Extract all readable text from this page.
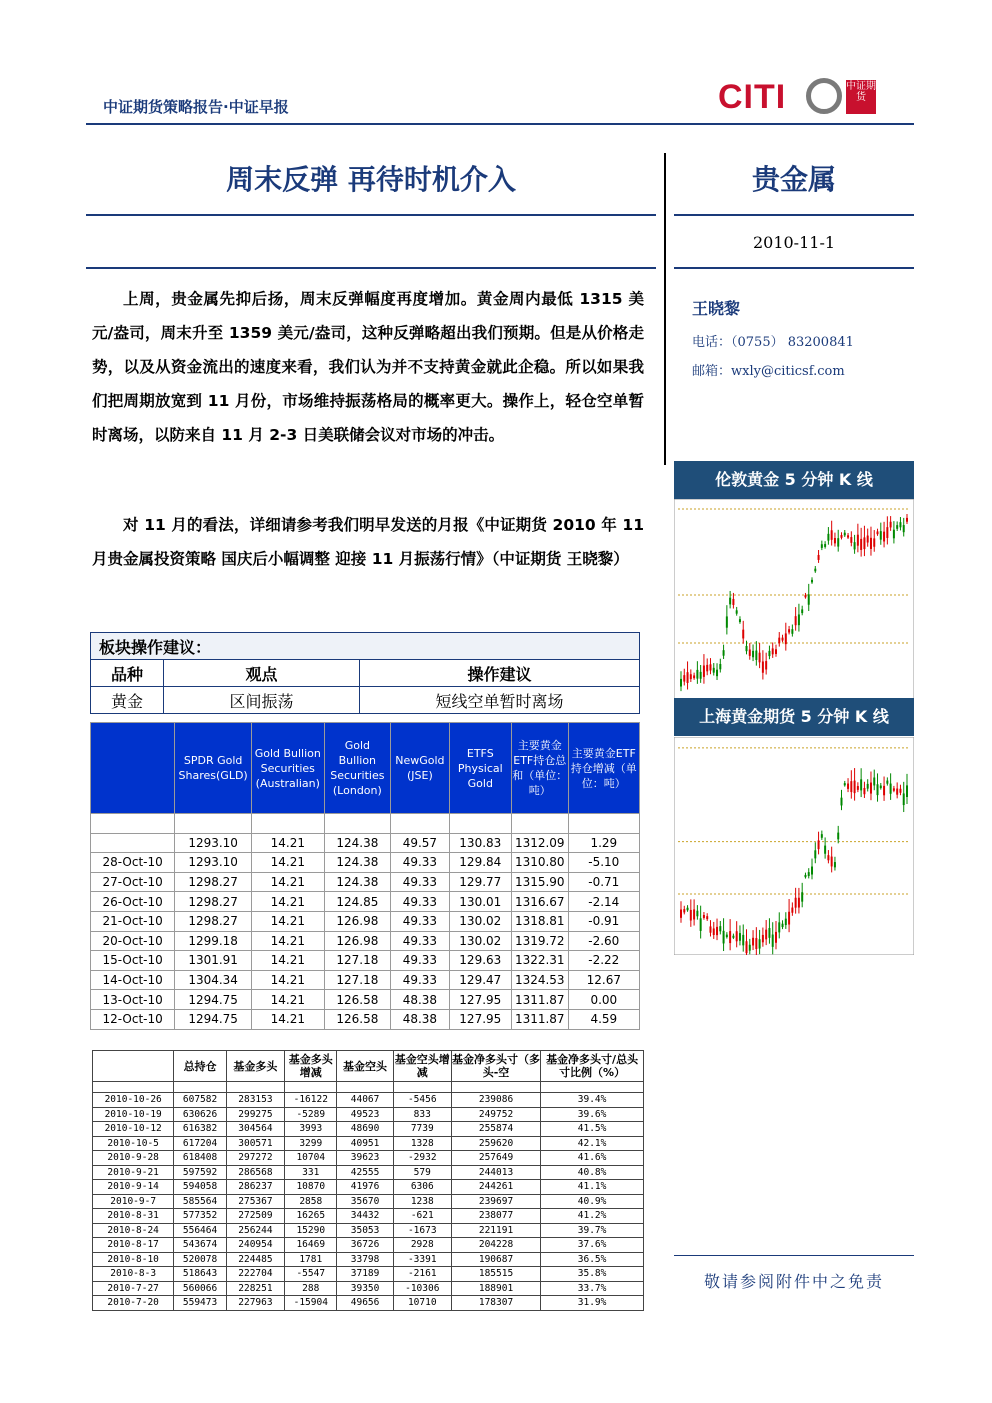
中证期货策略报告·中证早报	CITI	中证期货
周末反弹 再待时机介入	贵金属
2010-11-1
王晓黎
电话：（0755） 83200841
邮箱：wxly@citicsf.com

上周，贵金属先抑后扬，周末反弹幅度再度增加。黄金周内最低 1315 美元/盎司，周末升至 1359 美元/盎司，这种反弹略超出我们预期。但是从价格走势，以及从资金流出的速度来看，我们认为并不支持黄金就此企稳。所以如果我们把周期放宽到 11 月份，市场维持振荡格局的概率更大。操作上，轻仓空单暂时离场，以防来自 11 月 2-3 日美联储会议对市场的冲击。

对 11 月的看法，详细请参考我们明早发送的月报《中证期货 2010 年 11 月贵金属投资策略 国庆后小幅调整 迎接 11 月振荡行情》（中证期货 王晓黎）

伦敦黄金 5 分钟 K 线
上海黄金期货 5 分钟 K 线
板块操作建议：		
品种	观点	操作建议
黄金	区间振荡	短线空单暂时离场
	SPDR Gold Shares(GLD)	Gold Bullion Securities (Australian)	Gold Bullion Securities (London)	NewGold (JSE)	ETFS Physical Gold	主要黄金ETF持仓总和（单位：吨）	主要黄金ETF持仓增减（单位：吨）

	1293.10	14.21	124.38	49.57	130.83	1312.09	1.29
28-Oct-10	1293.10	14.21	124.38	49.33	129.84	1310.80	-5.10
27-Oct-10	1298.27	14.21	124.38	49.33	129.77	1315.90	-0.71
26-Oct-10	1298.27	14.21	124.85	49.33	130.01	1316.67	-2.14
21-Oct-10	1298.27	14.21	126.98	49.33	130.02	1318.81	-0.91
20-Oct-10	1299.18	14.21	126.98	49.33	130.02	1319.72	-2.60
15-Oct-10	1301.91	14.21	127.18	49.33	129.63	1322.31	-2.22
14-Oct-10	1304.34	14.21	127.18	49.33	129.47	1324.53	12.67
13-Oct-10	1294.75	14.21	126.58	48.38	127.95	1311.87	0.00
12-Oct-10	1294.75	14.21	126.58	48.38	127.95	1311.87	4.59
	总持仓	基金多头	基金多头增减	基金空头	基金空头增减	基金净多头寸（多头-空	基金净多头寸/总头寸比例（%）

2010-10-26	607582	283153	-16122	44067	-5456	239086	39.4%
2010-10-19	630626	299275	-5289	49523	833	249752	39.6%
2010-10-12	616382	304564	3993	48690	7739	255874	41.5%
2010-10-5	617204	300571	3299	40951	1328	259620	42.1%
2010-9-28	618408	297272	10704	39623	-2932	257649	41.6%
2010-9-21	597592	286568	331	42555	579	244013	40.8%
2010-9-14	594058	286237	10870	41976	6306	244261	41.1%
2010-9-7	585564	275367	2858	35670	1238	239697	40.9%
2010-8-31	577352	272509	16265	34432	-621	238077	41.2%
2010-8-24	556464	256244	15290	35053	-1673	221191	39.7%
2010-8-17	543674	240954	16469	36726	2928	204228	37.6%
2010-8-10	520078	224485	1781	33798	-3391	190687	36.5%
2010-8-3	518643	222704	-5547	37189	-2161	185515	35.8%
2010-7-27	560066	228251	288	39350	-10306	188901	33.7%
2010-7-20	559473	227963	-15904	49656	10710	178307	31.9%
敬请参阅附件中之免责
